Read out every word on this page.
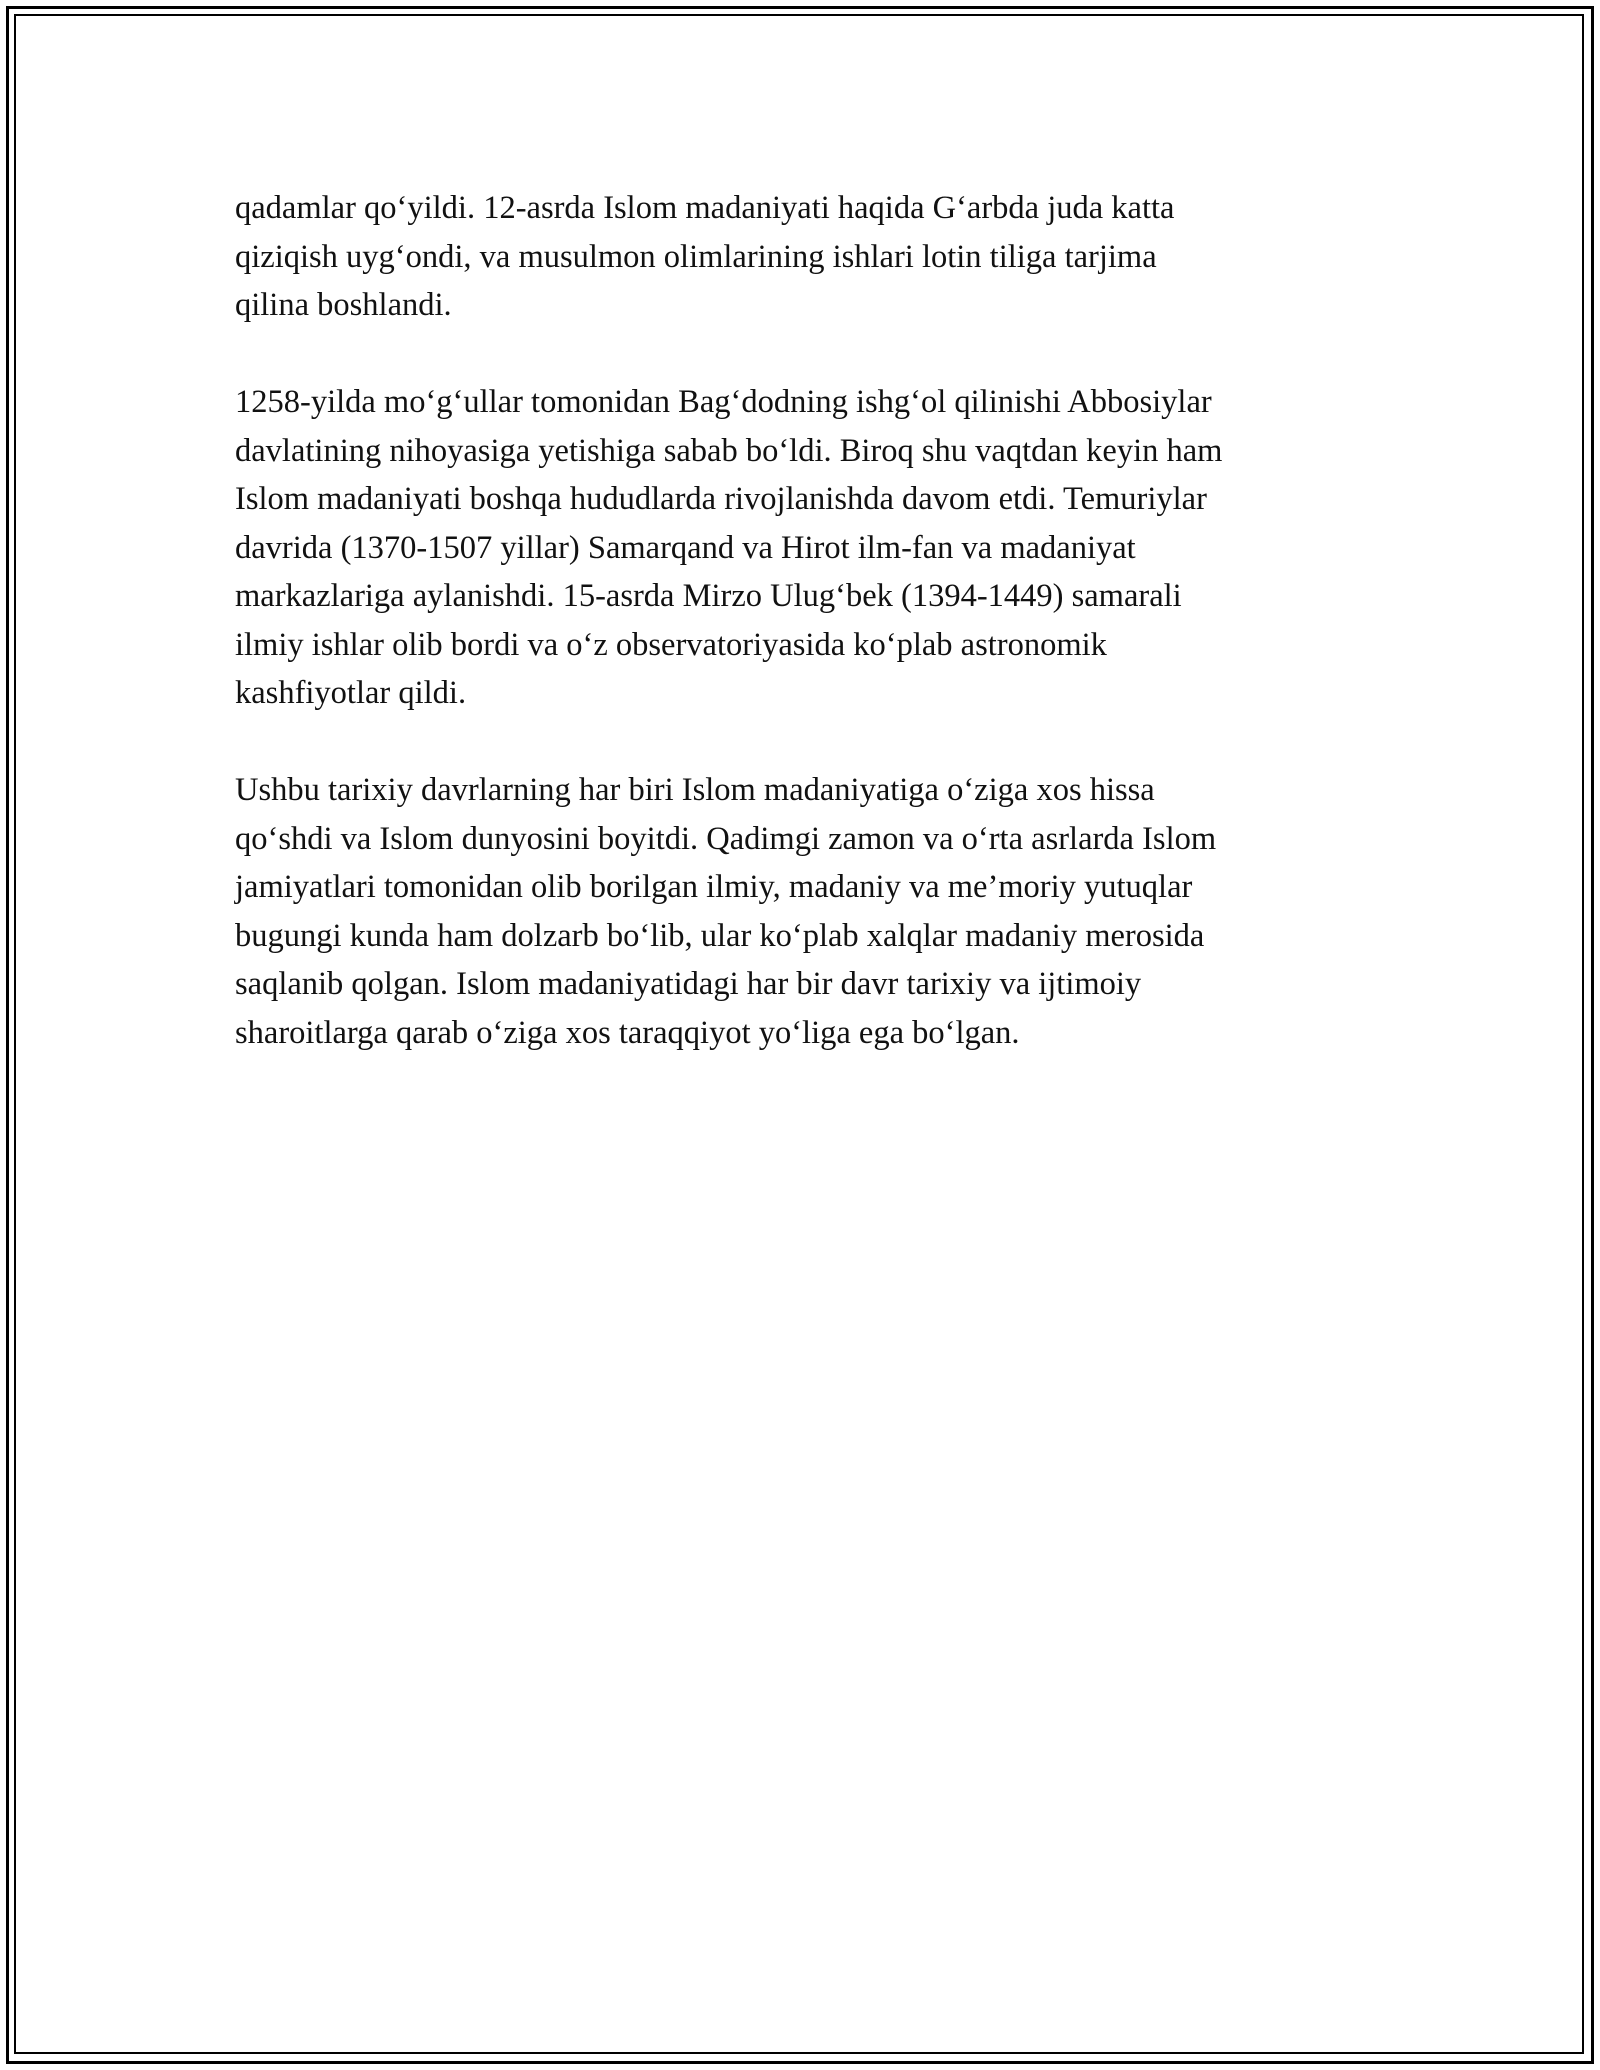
qadamlar qo‘yildi. 12-asrda Islom madaniyati haqida G‘arbda juda katta
qiziqish uyg‘ondi, va musulmon olimlarining ishlari lotin tiliga tarjima
qilina boshlandi.

1258-yilda mo‘g‘ullar tomonidan Bag‘dodning ishg‘ol qilinishi Abbosiylar
davlatining nihoyasiga yetishiga sabab bo‘ldi. Biroq shu vaqtdan keyin ham
Islom madaniyati boshqa hududlarda rivojlanishda davom etdi. Temuriylar
davrida (1370-1507 yillar) Samarqand va Hirot ilm-fan va madaniyat
markazlariga aylanishdi. 15-asrda Mirzo Ulug‘bek (1394-1449) samarali
ilmiy ishlar olib bordi va o‘z observatoriyasida ko‘plab astronomik
kashfiyotlar qildi.

Ushbu tarixiy davrlarning har biri Islom madaniyatiga o‘ziga xos hissa
qo‘shdi va Islom dunyosini boyitdi. Qadimgi zamon va o‘rta asrlarda Islom
jamiyatlari tomonidan olib borilgan ilmiy, madaniy va me’moriy yutuqlar
bugungi kunda ham dolzarb bo‘lib, ular ko‘plab xalqlar madaniy merosida
saqlanib qolgan. Islom madaniyatidagi har bir davr tarixiy va ijtimoiy
sharoitlarga qarab o‘ziga xos taraqqiyot yo‘liga ega bo‘lgan.
